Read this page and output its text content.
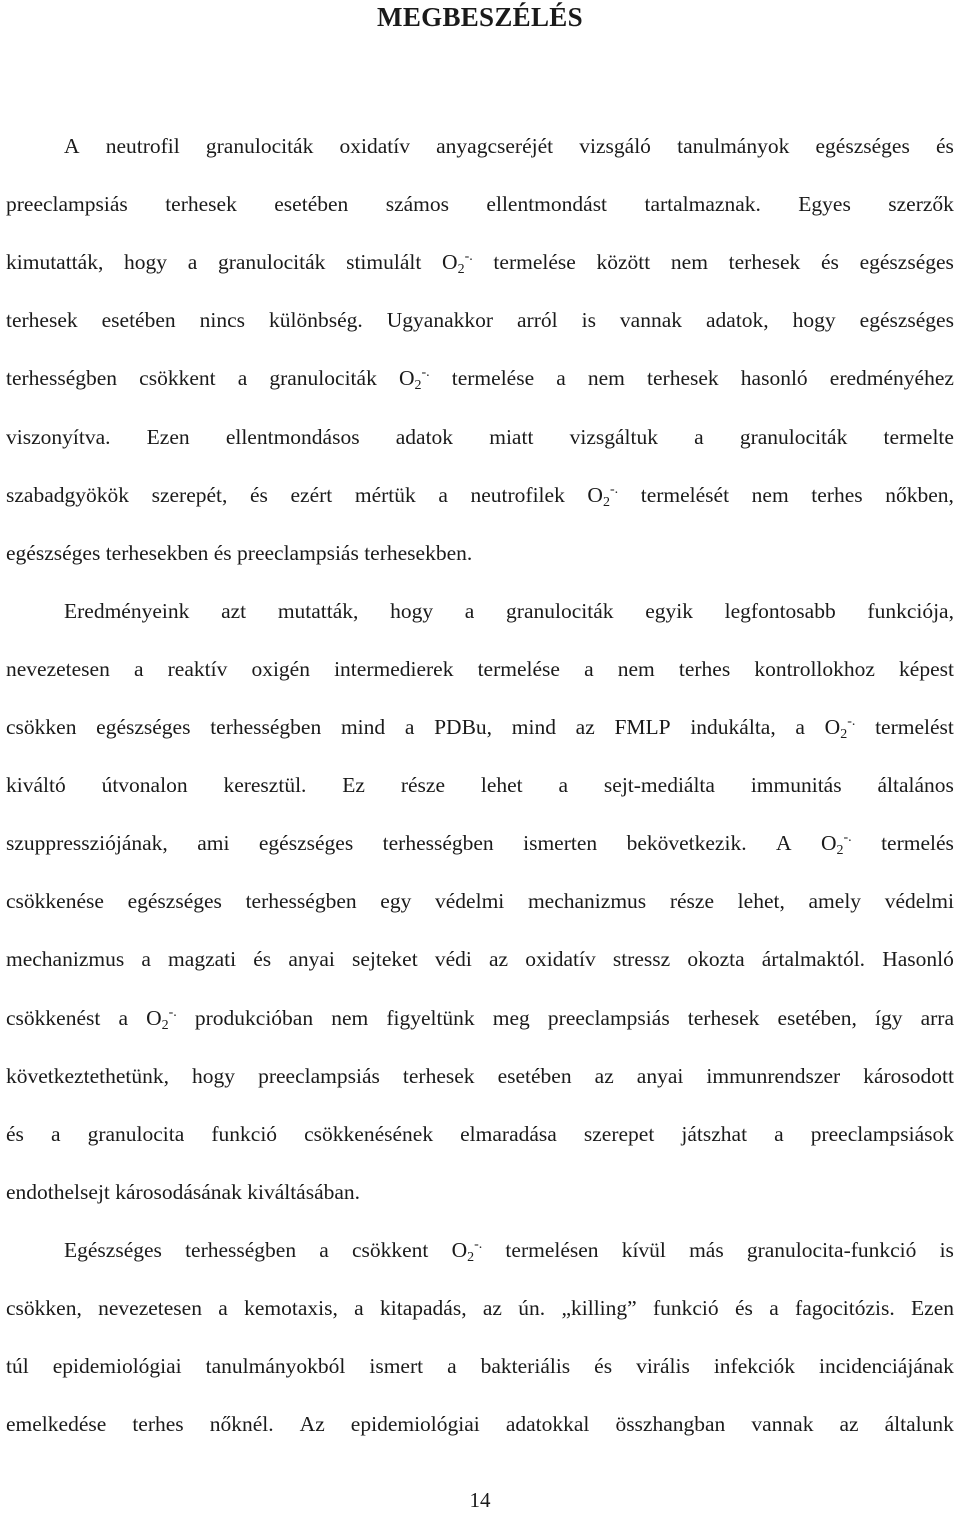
MEGBESZÉLÉS
A neutrofil granulociták oxidatív anyagcseréjét vizsgáló tanulmányok egészséges és
preeclampsiás terhesek esetében számos ellentmondást tartalmaznak. Egyes szerzők
kimutatták, hogy a granulociták stimulált $O_2^{-.}$ termelése között nem terhesek és egészséges
terhesek esetében nincs különbség. Ugyanakkor arról is vannak adatok, hogy egészséges
terhességben csökkent a granulociták $O_2^{-.}$ termelése a nem terhesek hasonló eredményéhez
viszonyítva. Ezen ellentmondásos adatok miatt vizsgáltuk a granulociták termelte
szabadgyökök szerepét, és ezért mértük a neutrofilek $O_2^{-.}$ termelését nem terhes nőkben,
egészséges terhesekben és preeclampsiás terhesekben.
Eredményeink azt mutatták, hogy a granulociták egyik legfontosabb funkciója,
nevezetesen a reaktív oxigén intermedierek termelése a nem terhes kontrollokhoz képest
csökken egészséges terhességben mind a PDBu, mind az FMLP indukálta, a $O_2^{-.}$ termelést
kiváltó útvonalon keresztül. Ez része lehet a sejt-mediálta immunitás általános
szuppressziójának, ami egészséges terhességben ismerten bekövetkezik. A $O_2^{-.}$ termelés
csökkenése egészséges terhességben egy védelmi mechanizmus része lehet, amely védelmi
mechanizmus a magzati és anyai sejteket védi az oxidatív stressz okozta ártalmaktól. Hasonló
csökkenést a $O_2^{-.}$ produkcióban nem figyeltünk meg preeclampsiás terhesek esetében, így arra
következtethetünk, hogy preeclampsiás terhesek esetében az anyai immunrendszer károsodott
és a granulocita funkció csökkenésének elmaradása szerepet játszhat a preeclampsiások
endothelsejt károsodásának kiváltásában.
Egészséges terhességben a csökkent $O_2^{-.}$ termelésen kívül más granulocita-funkció is
csökken, nevezetesen a kemotaxis, a kitapadás, az ún. „killing” funkció és a fagocitózis. Ezen
túl epidemiológiai tanulmányokból ismert a bakteriális és virális infekciók incidenciájának
emelkedése terhes nőknél. Az epidemiológiai adatokkal összhangban vannak az általunk
14
